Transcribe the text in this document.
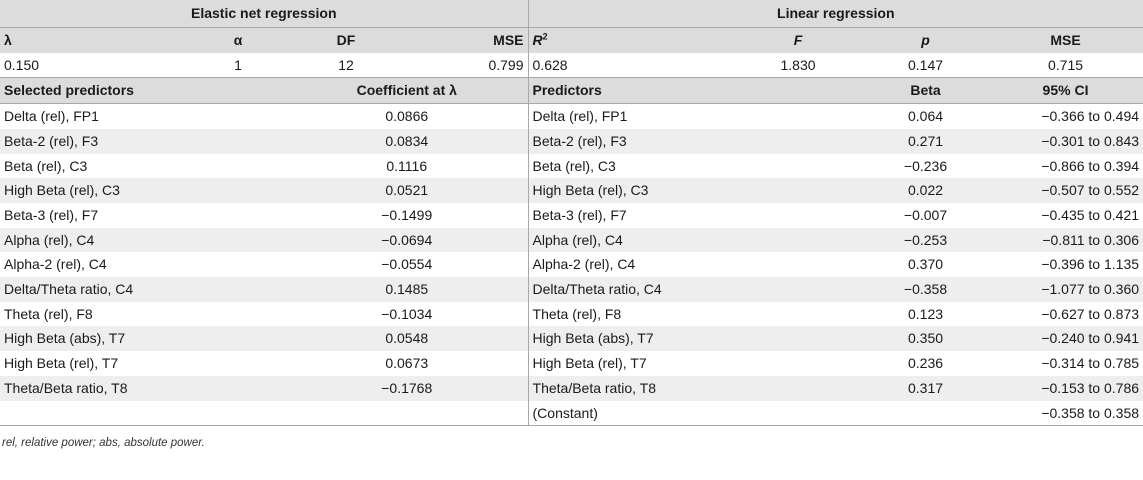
Elastic net regression				Linear regression			
λ	α	DF	MSE	$R^2$	F	p	MSE
0.150	1	12	0.799	0.628	1.830	0.147	0.715
Selected predictors		Coefficient at λ		Predictors		Beta	95% CI
Delta (rel), FP1		0.0866		Delta (rel), FP1		0.064	−0.366 to 0.494
Beta-2 (rel), F3		0.0834		Beta-2 (rel), F3		0.271	−0.301 to 0.843
Beta (rel), C3		0.1116		Beta (rel), C3		−0.236	−0.866 to 0.394
High Beta (rel), C3		0.0521		High Beta (rel), C3		0.022	−0.507 to 0.552
Beta-3 (rel), F7		−0.1499		Beta-3 (rel), F7		−0.007	−0.435 to 0.421
Alpha (rel), C4		−0.0694		Alpha (rel), C4		−0.253	−0.811 to 0.306
Alpha-2 (rel), C4		−0.0554		Alpha-2 (rel), C4		0.370	−0.396 to 1.135
Delta/Theta ratio, C4		0.1485		Delta/Theta ratio, C4		−0.358	−1.077 to 0.360
Theta (rel), F8		−0.1034		Theta (rel), F8		0.123	−0.627 to 0.873
High Beta (abs), T7		0.0548		High Beta (abs), T7		0.350	−0.240 to 0.941
High Beta (rel), T7		0.0673		High Beta (rel), T7		0.236	−0.314 to 0.785
Theta/Beta ratio, T8		−0.1768		Theta/Beta ratio, T8		0.317	−0.153 to 0.786
				(Constant)			−0.358 to 0.358
rel, relative power; abs, absolute power.
